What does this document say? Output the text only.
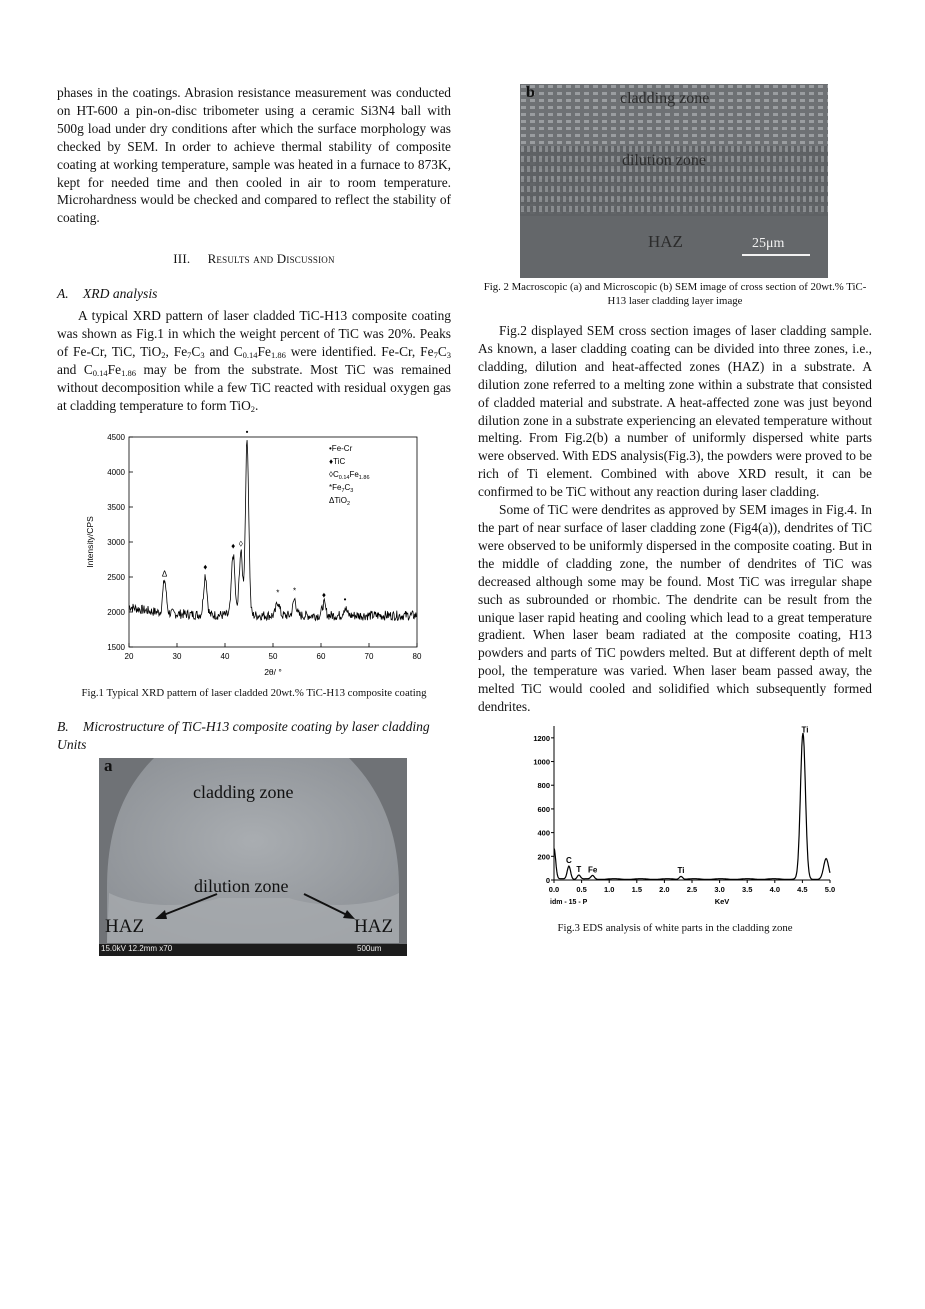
phases in the coatings. Abrasion resistance measurement was conducted on HT-600 a pin-on-disc tribometer using a ceramic Si3N4 ball with 500g load under dry conditions after which the surface morphology was checked by SEM. In order to achieve thermal stability of composite coating at working temperature, sample was heated in a furnace to 873K, kept for needed time and then cooled in air to room temperature. Microhardness would be checked and compared to reflect the stability of coating.

III. Results and Discussion
A. XRD analysis

A typical XRD pattern of laser cladded TiC-H13 composite coating was shown as Fig.1 in which the weight percent of TiC was 20%. Peaks of Fe-Cr, TiC, TiO$_2$, $Fe_7C_3$ and $C_{0.14}Fe_{1.86}$ were identified. Fe-Cr, $Fe_7C_3$ and $C_{0.14}Fe_{1.86}$ may be from the substrate. Most TiC was remained without decomposition while a few TiC reacted with residual oxygen gas at cladding temperature to form TiO$_2$.

20	30	40	50	60	70	80
1500
2000
2500
3000
3500
4000
4500
2θ/ °
Intensity/CPS
Δ
♦
♦ ◊
•
* *	♦ •
•Fe-Cr
♦TiC
$◊C_{0.14}Fe_{1.86}$
$*Fe_7C_3$
ΔTiO$_2$

Fig.1 Typical XRD pattern of laser cladded 20wt.% TiC-H13 composite coating

B. Microstructure of TiC-H13 composite coating by laser cladding Units
a
cladding zone
dilution zone
HAZ	HAZ
15.0kV 12.2mm x70	500um
b	cladding zone
dilution zone
HAZ	25μm

Fig. 2 Macroscopic (a) and Microscopic (b) SEM image of cross section of 20wt.% TiC-H13 laser cladding layer image

Fig.2 displayed SEM cross section images of laser cladding sample. As known, a laser cladding coating can be divided into three zones, i.e., cladding, dilution and heat-affected zones (HAZ) in a substrate. A dilution zone referred to a melting zone within a substrate that consisted of cladded material and substrate. A heat-affected zone was just beyond dilution zone in a substrate experiencing an elevated temperature without melting. From Fig.2(b) a number of uniformly dispersed white parts were observed. With EDS analysis(Fig.3), the powders were proved to be rich of Ti element. Combined with above XRD result, it can be confirmed to be TiC without any reaction during laser cladding.

Some of TiC were dendrites as approved by SEM images in Fig.4. In the part of near surface of laser cladding zone (Fig4(a)), dendrites of TiC were observed to be uniformly dispersed in the composite coating. But in the middle of cladding zone, the number of dendrites of TiC was decreased although some may be found. Most TiC was irregular shape such as subrounded or rhombic. The dendrite can be result from the unique laser rapid heating and cooling which lead to a great temperature gradient. When laser beam radiated at the composite coating, H13 powders and parts of TiC powders melted. But at different depth of melt pool, the temperature was varied. When laser beam passed away, the melted TiC would cooled and solidified which subsequently formed dendrites.

0
200
400
600
800
1000
1200
0.0 0.5 1.0 1.5 2.0 2.5 3.0 3.5 4.0 4.5 5.0
idm - 15 - P	KeV
C
T Fe
Ti
Ti

Fig.3 EDS analysis of white parts in the cladding zone
